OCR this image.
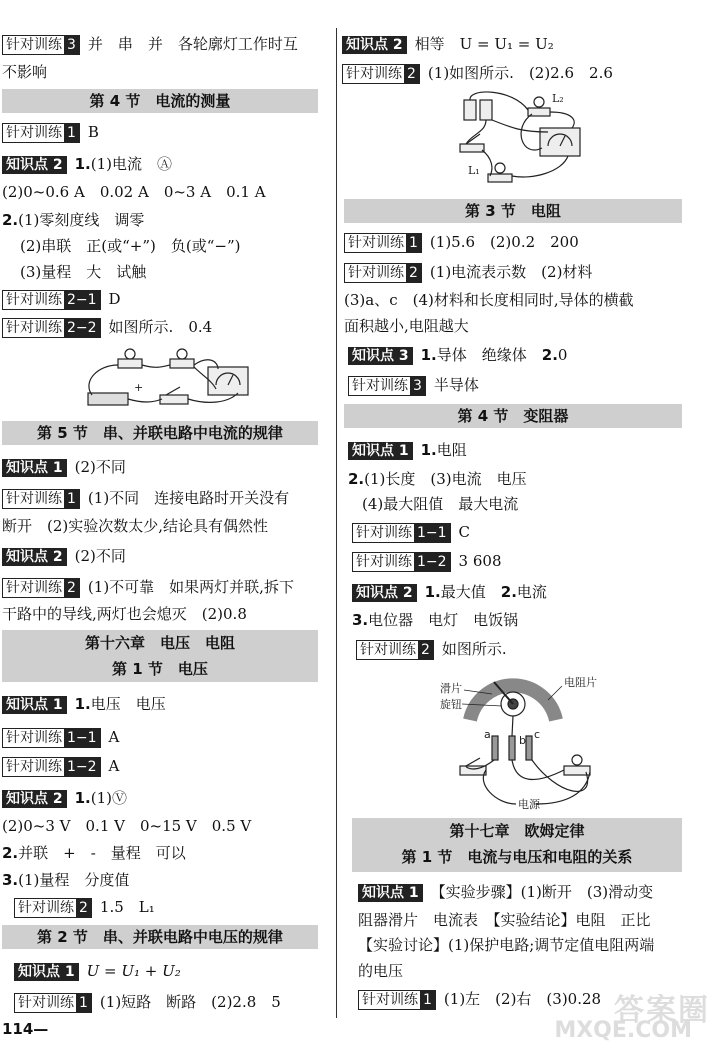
针对训练 3 并　串　并　各轮廓灯工作时互
不影响
第 4 节　电流的测量
针对训练 1 B
知识点 2 1.(1)电流　Ⓐ
(2)0~0.6 A　0.02 A　0~3 A　0.1 A
2.(1)零刻度线　调零
(2)串联　正(或“+”)　负(或“−”)
(3)量程　大　试触
针对训练 2−1 D
针对训练 2−2 如图所示.　0.4
+
第 5 节　串、并联电路中电流的规律
知识点 1 (2)不同
针对训练 1 (1)不同　连接电路时开关没有
断开　(2)实验次数太少,结论具有偶然性
知识点 2 (2)不同
针对训练 2 (1)不可靠　如果两灯并联,拆下
干路中的导线,两灯也会熄灭　(2)0.8
第十六章　电压　电阻
第 1 节　电压
知识点 1 1.电压　电压
针对训练 1−1 A
针对训练 1−2 A
知识点 2 1.(1)Ⓥ
(2)0~3 V　0.1 V　0~15 V　0.5 V
2.并联　+　-　量程　可以
3.(1)量程　分度值
针对训练 2 1.5　L₁
第 2 节　串、并联电路中电压的规律
知识点 1 U = U₁ + U₂
针对训练 1 (1)短路　断路　(2)2.8　5
知识点 2 相等　U = U₁ = U₂
针对训练 2 (1)如图所示.　(2)2.6　2.6
L₂
L₁
第 3 节　电阻
针对训练 1 (1)5.6　(2)0.2　200
针对训练 2 (1)电流表示数　(2)材料
(3)a、c　(4)材料和长度相同时,导体的横截
面积越小,电阻越大
知识点 3 1.导体　绝缘体　2.0
针对训练 3 半导体
第 4 节　变阻器
知识点 1 1.电阻
2.(1)长度　(3)电流　电压
(4)最大阻值　最大电流
针对训练 1−1 C
针对训练 1−2 3 608
知识点 2 1.最大值　2.电流
3.电位器　电灯　电饭锅
针对训练 2 如图所示.
滑片
旋钮
电阻片
a	b c
电源
第十七章　欧姆定律
第 1 节　电流与电压和电阻的关系
知识点 1 【实验步骤】(1)断开　(3)滑动变
阻器滑片　电流表　【实验结论】电阻　正比
【实验讨论】(1)保护电路;调节定值电阻两端
的电压
针对训练 1 (1)左　(2)右　(3)0.28
114—
答案圈
MXQE.COM
